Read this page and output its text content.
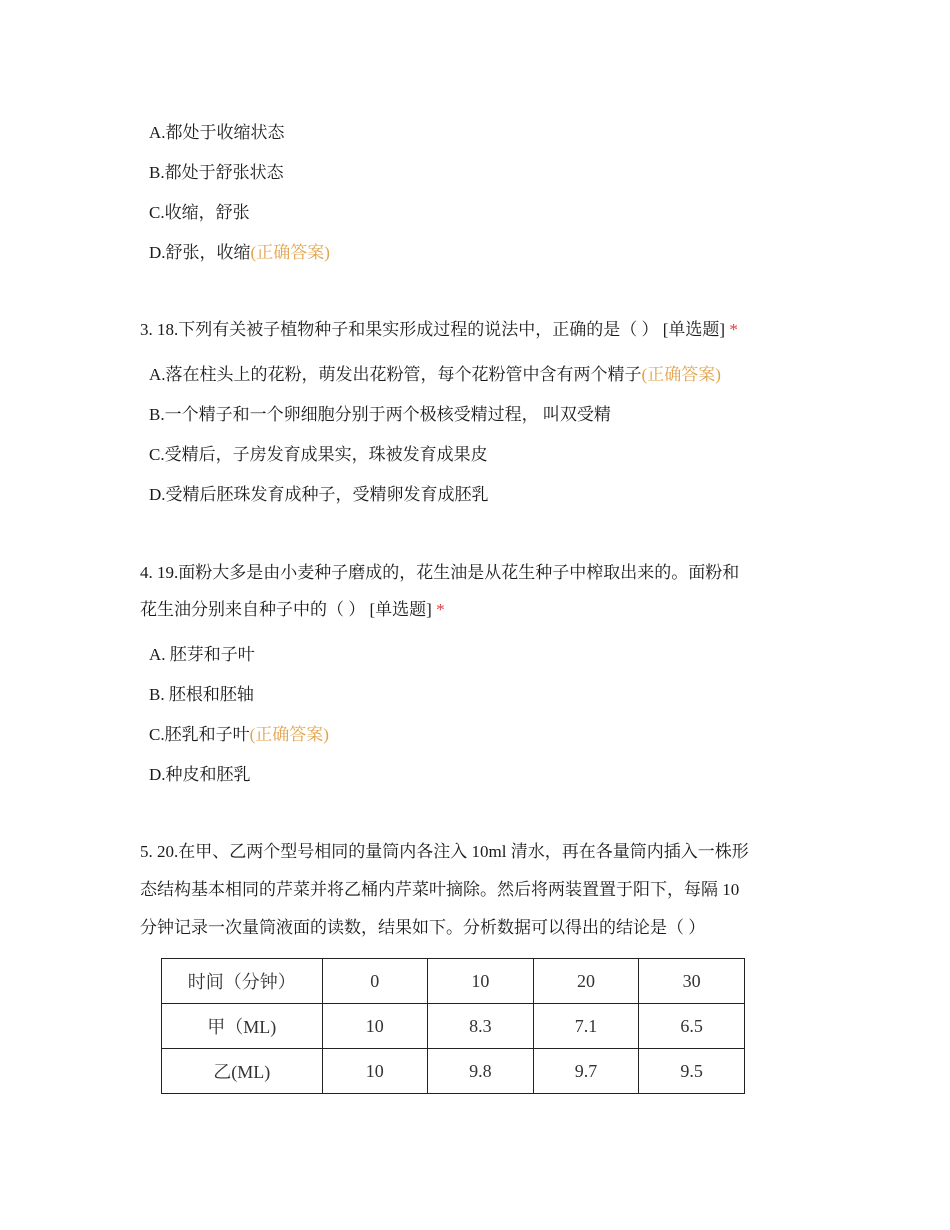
A.都处于收缩状态
B.都处于舒张状态
C.收缩，舒张
D.舒张，收缩(正确答案)
3. 18.下列有关被子植物种子和果实形成过程的说法中，正确的是（ ） [单选题] *
A.落在柱头上的花粉，萌发出花粉管，每个花粉管中含有两个精子(正确答案)
B.一个精子和一个卵细胞分别于两个极核受精过程， 叫双受精
C.受精后，子房发育成果实，珠被发育成果皮
D.受精后胚珠发育成种子，受精卵发育成胚乳
4. 19.面粉大多是由小麦种子磨成的，花生油是从花生种子中榨取出来的。面粉和
花生油分别来自种子中的（ ） [单选题] *
A. 胚芽和子叶
B. 胚根和胚轴
C.胚乳和子叶(正确答案)
D.种皮和胚乳
5. 20.在甲、乙两个型号相同的量筒内各注入 10ml 清水，再在各量筒内插入一株形
态结构基本相同的芹菜并将乙桶内芹菜叶摘除。然后将两装置置于阳下，每隔 10
分钟记录一次量筒液面的读数，结果如下。分析数据可以得出的结论是（ ）
时间（分钟）	0	10	20	30
甲（ML)	10	8.3	7.1	6.5
乙(ML)	10	9.8	9.7	9.5
